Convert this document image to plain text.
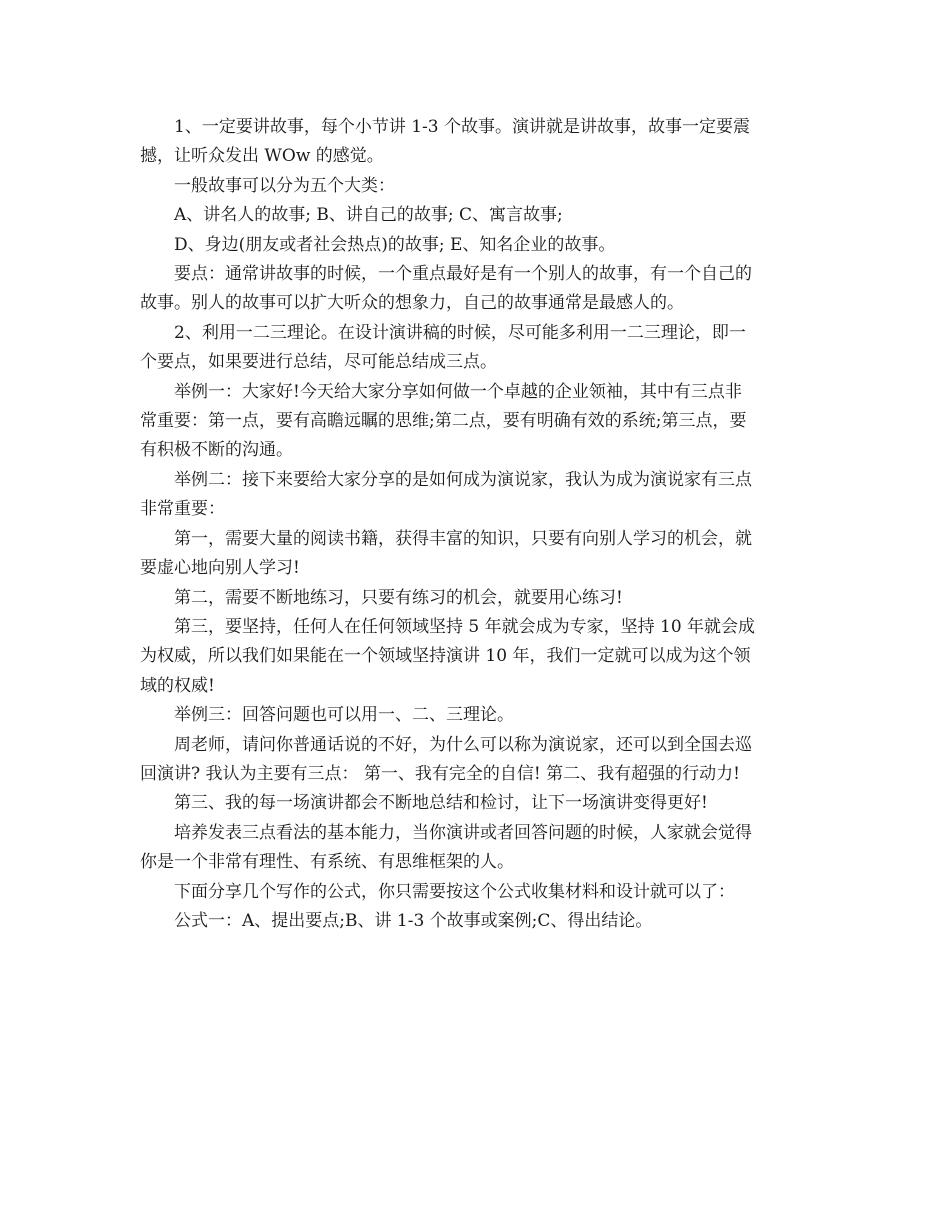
1、一定要讲故事，每个小节讲 1-3 个故事。演讲就是讲故事，故事一定要震
撼，让听众发出 WOw 的感觉。
一般故事可以分为五个大类：
A、讲名人的故事; B、讲自己的故事; C、寓言故事;
D、身边(朋友或者社会热点)的故事; E、知名企业的故事。
要点：通常讲故事的时候，一个重点最好是有一个别人的故事，有一个自己的
故事。别人的故事可以扩大听众的想象力，自己的故事通常是最感人的。
2、利用一二三理论。在设计演讲稿的时候，尽可能多利用一二三理论，即一
个要点，如果要进行总结，尽可能总结成三点。
举例一：大家好!今天给大家分享如何做一个卓越的企业领袖，其中有三点非
常重要：第一点，要有高瞻远瞩的思维;第二点，要有明确有效的系统;第三点，要
有积极不断的沟通。
举例二：接下来要给大家分享的是如何成为演说家，我认为成为演说家有三点
非常重要：
第一，需要大量的阅读书籍，获得丰富的知识，只要有向别人学习的机会，就
要虚心地向别人学习!
第二，需要不断地练习，只要有练习的机会，就要用心练习!
第三，要坚持，任何人在任何领域坚持 5 年就会成为专家，坚持 10 年就会成
为权威，所以我们如果能在一个领域坚持演讲 10 年，我们一定就可以成为这个领
域的权威!
举例三：回答问题也可以用一、二、三理论。
周老师，请问你普通话说的不好，为什么可以称为演说家，还可以到全国去巡
回演讲? 我认为主要有三点： 第一、我有完全的自信! 第二、我有超强的行动力!
第三、我的每一场演讲都会不断地总结和检讨，让下一场演讲变得更好!
培养发表三点看法的基本能力，当你演讲或者回答问题的时候，人家就会觉得
你是一个非常有理性、有系统、有思维框架的人。
下面分享几个写作的公式，你只需要按这个公式收集材料和设计就可以了：
公式一：A、提出要点;B、讲 1-3 个故事或案例;C、得出结论。
